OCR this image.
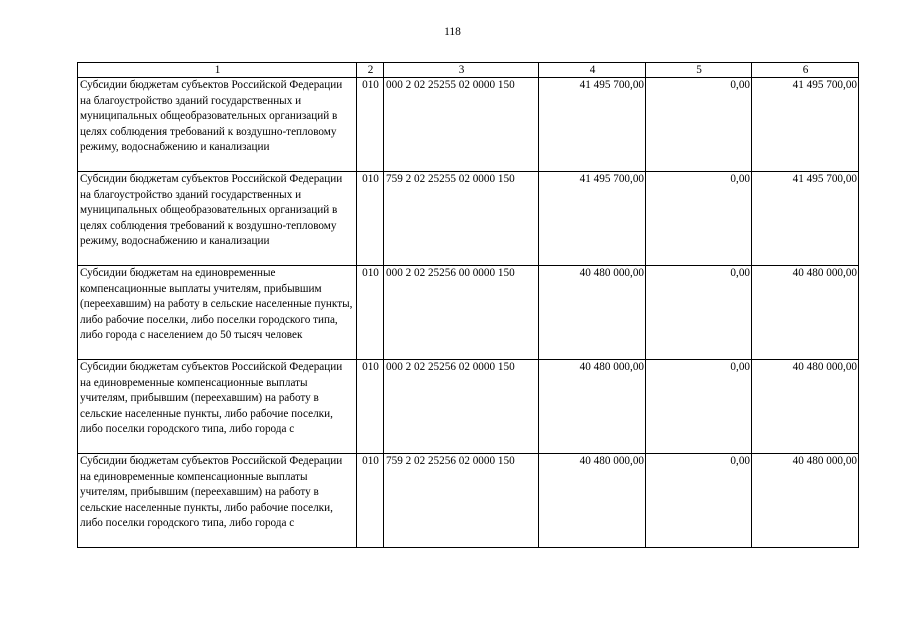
118
1	2	3	4	5	6

Субсидии бюджетам субъектов Российской Федерации на благоустройство зданий государственных и муниципальных общеобразовательных организаций в целях соблюдения требований к воздушно-тепловому режиму, водоснабжению и канализации	010	000 2 02 25255 02 0000 150	41 495 700,00	0,00	41 495 700,00

Субсидии бюджетам субъектов Российской Федерации на благоустройство зданий государственных и муниципальных общеобразовательных организаций в целях соблюдения требований к воздушно-тепловому режиму, водоснабжению и канализации	010	759 2 02 25255 02 0000 150	41 495 700,00	0,00	41 495 700,00

Субсидии бюджетам на единовременные компенсационные выплаты учителям, прибывшим (переехавшим) на работу в сельские населенные пункты, либо рабочие поселки, либо поселки городского типа, либо города с населением до 50 тысяч человек	010	000 2 02 25256 00 0000 150	40 480 000,00	0,00	40 480 000,00

Субсидии бюджетам субъектов Российской Федерации на единовременные компенсационные выплаты учителям, прибывшим (переехавшим) на работу в сельские населенные пункты, либо рабочие поселки, либо поселки городского типа, либо города с	010	000 2 02 25256 02 0000 150	40 480 000,00	0,00	40 480 000,00

Субсидии бюджетам субъектов Российской Федерации на единовременные компенсационные выплаты учителям, прибывшим (переехавшим) на работу в сельские населенные пункты, либо рабочие поселки, либо поселки городского типа, либо города с	010	759 2 02 25256 02 0000 150	40 480 000,00	0,00	40 480 000,00
